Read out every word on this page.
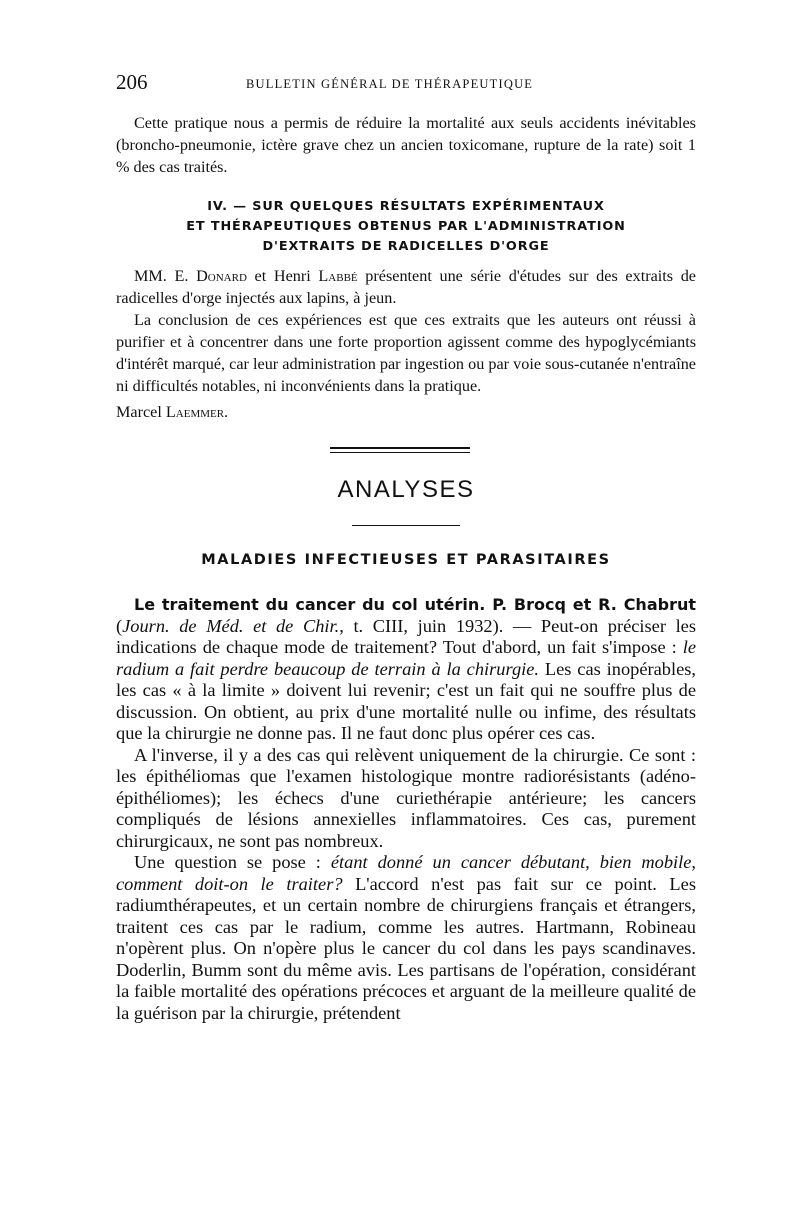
206	BULLETIN GÉNÉRAL DE THÉRAPEUTIQUE

Cette pratique nous a permis de réduire la mortalité aux seuls accidents inévitables (broncho-pneumonie, ictère grave chez un ancien toxicomane, rupture de la rate) soit 1 % des cas traités.

IV. — SUR QUELQUES RÉSULTATS EXPÉRIMENTAUX
ET THÉRAPEUTIQUES OBTENUS PAR L'ADMINISTRATION
D'EXTRAITS DE RADICELLES D'ORGE

MM. E. Donard et Henri Labbé présentent une série d'études sur des extraits de radicelles d'orge injectés aux lapins, à jeun.

La conclusion de ces expériences est que ces extraits que les auteurs ont réussi à purifier et à concentrer dans une forte proportion agissent comme des hypoglycémiants d'intérêt marqué, car leur administration par ingestion ou par voie sous-cutanée n'entraîne ni difficultés notables, ni inconvénients dans la pratique.

Marcel Laemmer.

ANALYSES
MALADIES INFECTIEUSES ET PARASITAIRES

Le traitement du cancer du col utérin. P. Brocq et R. Chabrut (Journ. de Méd. et de Chir., t. CIII, juin 1932). — Peut-on préciser les indications de chaque mode de traitement? Tout d'abord, un fait s'impose : le radium a fait perdre beaucoup de terrain à la chirurgie. Les cas inopérables, les cas « à la limite » doivent lui revenir; c'est un fait qui ne souffre plus de discussion. On obtient, au prix d'une mortalité nulle ou infime, des résultats que la chirurgie ne donne pas. Il ne faut donc plus opérer ces cas.

A l'inverse, il y a des cas qui relèvent uniquement de la chirurgie. Ce sont : les épithéliomas que l'examen histologique montre radiorésistants (adéno-épithéliomes); les échecs d'une curiethérapie antérieure; les cancers compliqués de lésions annexielles inflammatoires. Ces cas, purement chirurgicaux, ne sont pas nombreux.

Une question se pose : étant donné un cancer débutant, bien mobile, comment doit-on le traiter? L'accord n'est pas fait sur ce point. Les radiumthérapeutes, et un certain nombre de chirurgiens français et étrangers, traitent ces cas par le radium, comme les autres. Hartmann, Robineau n'opèrent plus. On n'opère plus le cancer du col dans les pays scandinaves. Doderlin, Bumm sont du même avis. Les partisans de l'opération, considérant la faible mortalité des opérations précoces et arguant de la meilleure qualité de la guérison par la chirurgie, prétendent
